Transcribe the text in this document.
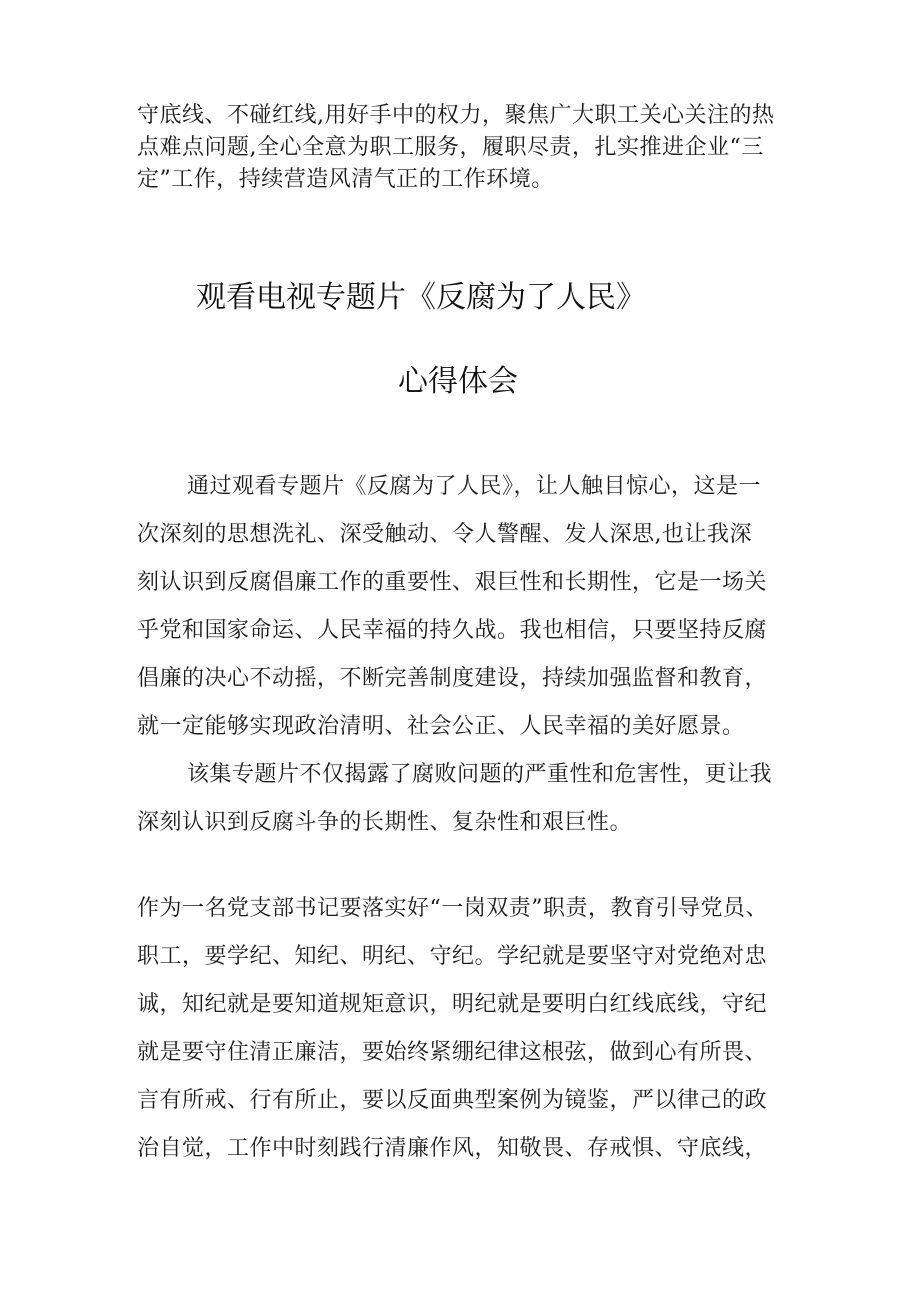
守底线、不碰红线,用好手中的权力，聚焦广大职工关心关注的热
点难点问题,全心全意为职工服务，履职尽责，扎实推进企业“三
定”工作，持续营造风清气正的工作环境。
观看电视专题片《反腐为了人民》
心得体会
通过观看专题片《反腐为了人民》，让人触目惊心，这是一
次深刻的思想洗礼、深受触动、令人警醒、发人深思,也让我深
刻认识到反腐倡廉工作的重要性、艰巨性和长期性，它是一场关
乎党和国家命运、人民幸福的持久战。我也相信，只要坚持反腐
倡廉的决心不动摇，不断完善制度建设，持续加强监督和教育，
就一定能够实现政治清明、社会公正、人民幸福的美好愿景。
该集专题片不仅揭露了腐败问题的严重性和危害性，更让我
深刻认识到反腐斗争的长期性、复杂性和艰巨性。
作为一名党支部书记要落实好“一岗双责”职责，教育引导党员、
职工，要学纪、知纪、明纪、守纪。学纪就是要坚守对党绝对忠
诚，知纪就是要知道规矩意识，明纪就是要明白红线底线，守纪
就是要守住清正廉洁，要始终紧绷纪律这根弦，做到心有所畏、
言有所戒、行有所止，要以反面典型案例为镜鉴，严以律己的政
治自觉，工作中时刻践行清廉作风，知敬畏、存戒惧、守底线，
